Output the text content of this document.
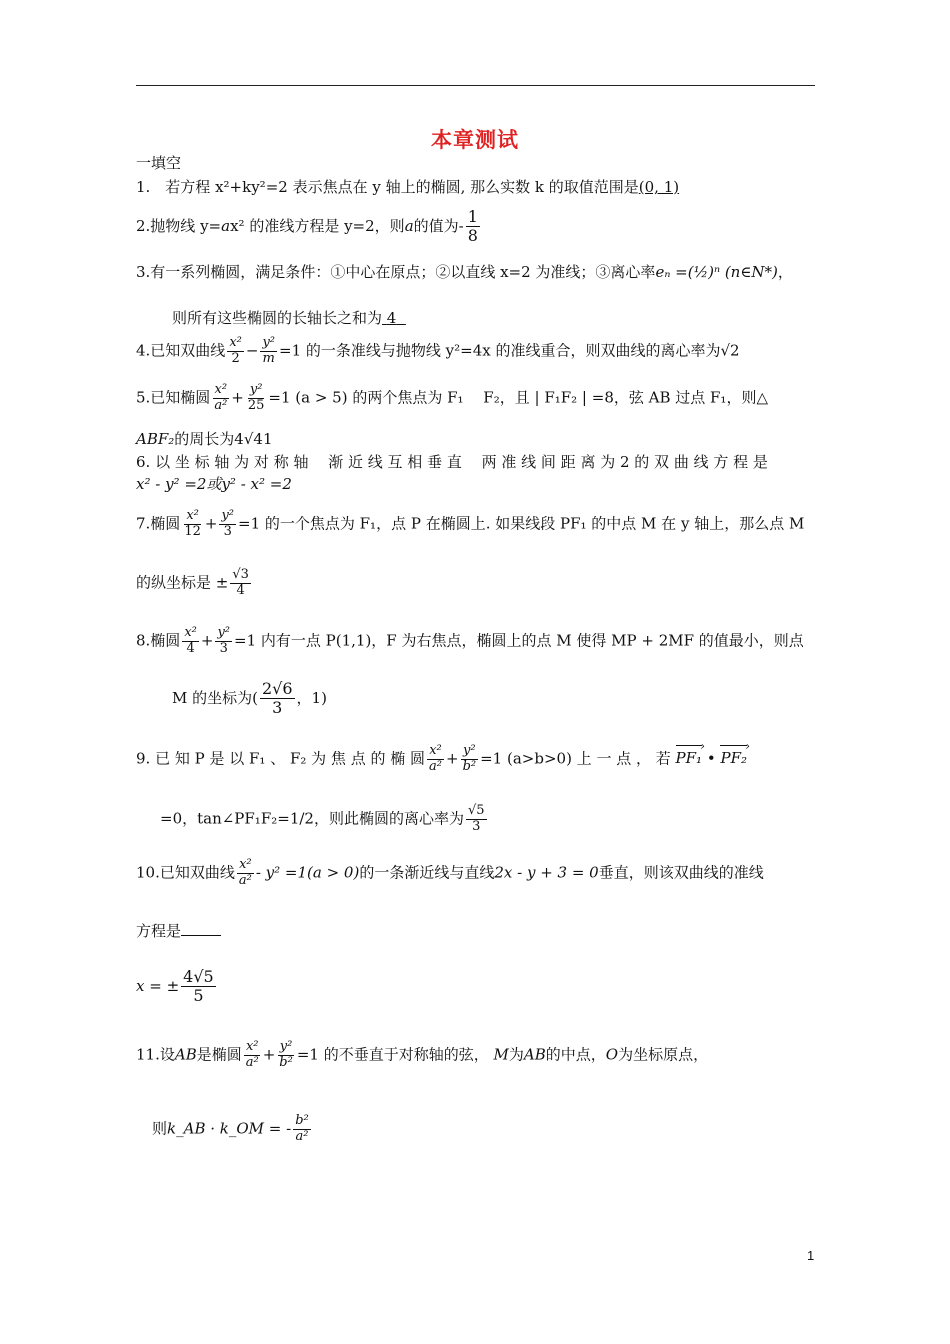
本章测试
一填空
1.　若方程 x²+ky²=2 表示焦点在 y 轴上的椭圆, 那么实数 k 的取值范围是(0, 1)
2.抛物线 y=ax² 的准线方程是 y=2，则a的值为- $\frac{1}{8}$
3.有一系列椭圆，满足条件：①中心在原点；②以直线 x=2 为准线；③离心率eₙ =(½)ⁿ (n∈N*)，
则所有这些椭圆的长轴长之和为 4
4.已知双曲线 $\frac{\text{x²}}{2} - \frac{\text{y²}}{m} =1$ 的一条准线与抛物线 y²=4x 的准线重合，则双曲线的离心率为√2
5.已知椭圆 $\frac{\text{x²}}{\text{a²}} + \frac{\text{y²}}{25} =1$ (a > 5) 的两个焦点为 F₁　 F₂，且 | F₁F₂ | =8，弦 AB 过点 F₁，则△
ABF₂的周长为4√41
6. 以 坐 标 轴 为 对 称 轴　 渐 近 线 互 相 垂 直　 两 准 线 间 距 离 为 2 的 双 曲 线 方 程 是
x² - y² =2或y² - x² =2
7.椭圆 $\frac{\text{x²}}{12} + \frac{\text{y²}}{3} =1$ 的一个焦点为 F₁，点 P 在椭圆上. 如果线段 PF₁ 的中点 M 在 y 轴上，那么点 M
的纵坐标是 ± $\frac{√3}{4}$
8.椭圆 $\frac{\text{x²}}{4} + \frac{\text{y²}}{3} =1$ 内有一点 P(1,1)，F 为右焦点，椭圆上的点 M 使得 MP + 2MF 的值最小，则点
M 的坐标为( $\frac{2√6}{3}$ ，1)
9. 已 知 P 是 以 F₁ 、 F₂ 为 焦 点 的 椭 圆 $\frac{\text{x²}}{\text{a²}} + \frac{\text{y²}}{\text{b²}} =1$ (a>b>0) 上 一 点 ， 若 PF₁ › • PF₂ ›
=0，tan∠PF₁F₂=1/2，则此椭圆的离心率为 $\frac{√5}{3}$
10.已知双曲线 $\frac{\text{x²}}{\text{a²}} - y^2 =1(a > 0)$的一条渐近线与直线2x - y + 3 = 0垂直，则该双曲线的准线
方程是
x = ± $\frac{4√5}{5}$
11.设AB是椭圆 $\frac{\text{x²}}{\text{a²}} + \frac{\text{y²}}{\text{b²}} =1$ 的不垂直于对称轴的弦， M为AB的中点，O为坐标原点，
则k_AB · k_OM = - $\frac{\text{b²}}{\text{a²}}$
1
